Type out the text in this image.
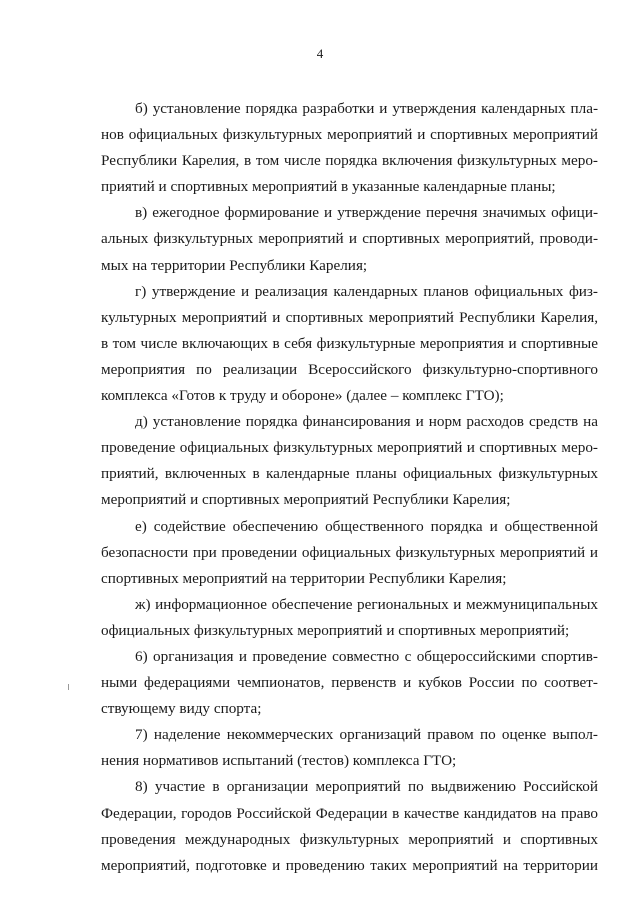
4

б) установление порядка разработки и утверждения календарных пла-
нов официальных физкультурных мероприятий и спортивных мероприятий
Республики Карелия, в том числе порядка включения физкультурных меро-
приятий и спортивных мероприятий в указанные календарные планы;

в) ежегодное формирование и утверждение перечня значимых офици-
альных физкультурных мероприятий и спортивных мероприятий, проводи-
мых на территории Республики Карелия;

г) утверждение и реализация календарных планов официальных физ-
культурных мероприятий и спортивных мероприятий Республики Карелия,
в том числе включающих в себя физкультурные мероприятия и спортивные
мероприятия по реализации Всероссийского физкультурно-спортивного
комплекса «Готов к труду и обороне» (далее – комплекс ГТО);

д) установление порядка финансирования и норм расходов средств на
проведение официальных физкультурных мероприятий и спортивных меро-
приятий, включенных в календарные планы официальных физкультурных
мероприятий и спортивных мероприятий Республики Карелия;

е) содействие обеспечению общественного порядка и общественной
безопасности при проведении официальных физкультурных мероприятий и
спортивных мероприятий на территории Республики Карелия;

ж) информационное обеспечение региональных и межмуниципальных
официальных физкультурных мероприятий и спортивных мероприятий;

6) организация и проведение совместно с общероссийскими спортив-
ными федерациями чемпионатов, первенств и кубков России по соответ-
ствующему виду спорта;

7) наделение некоммерческих организаций правом по оценке выпол-
нения нормативов испытаний (тестов) комплекса ГТО;

8) участие в организации мероприятий по выдвижению Российской
Федерации, городов Российской Федерации в качестве кандидатов на право
проведения международных физкультурных мероприятий и спортивных
мероприятий, подготовке и проведению таких мероприятий на территории
